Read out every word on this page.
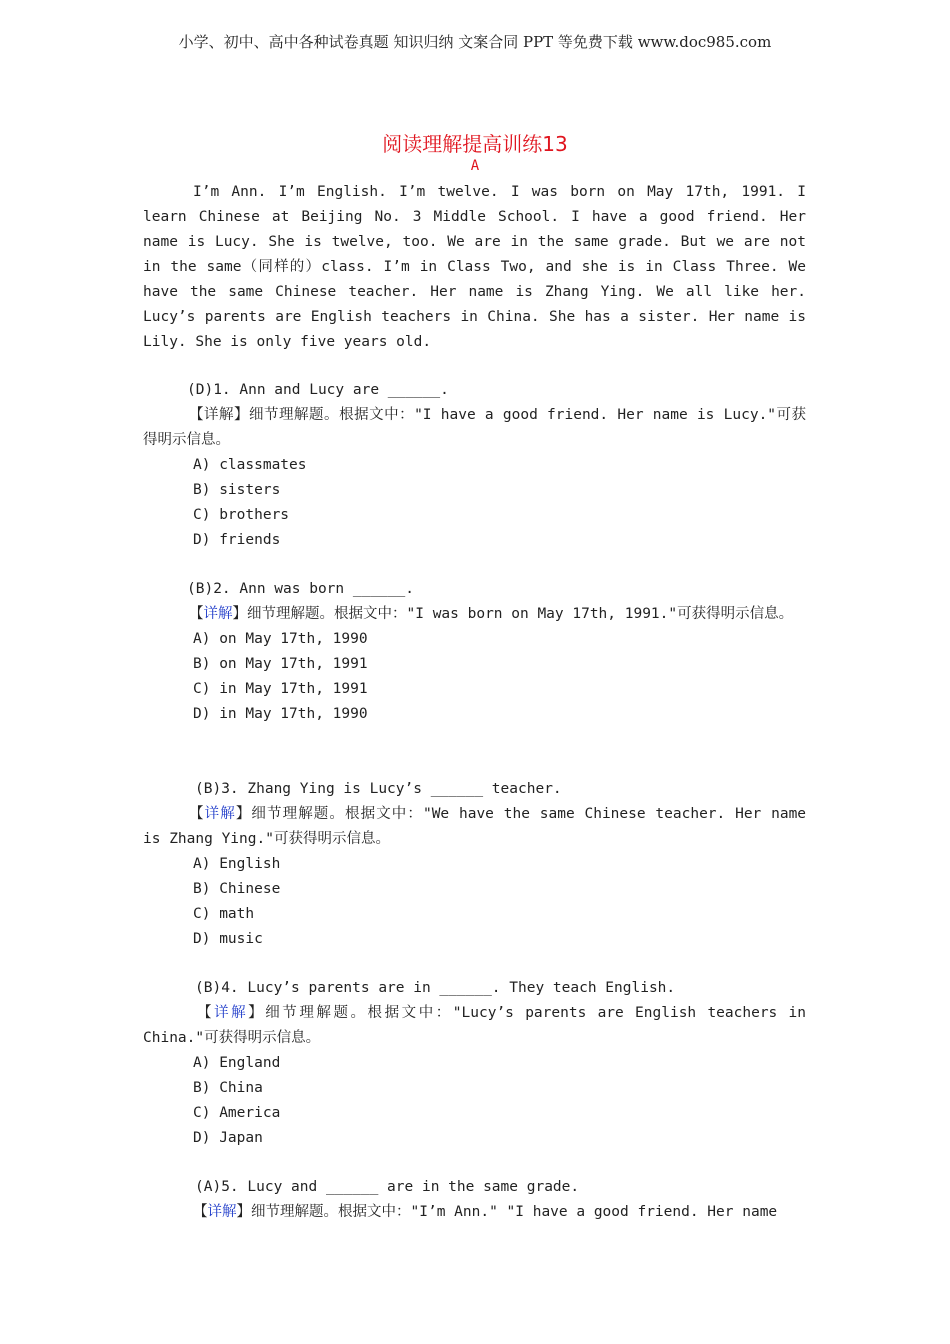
小学、初中、高中各种试卷真题 知识归纳 文案合同 PPT 等免费下载 www.doc985.com
阅读理解提高训练13
A

I’m Ann. I’m English. I’m twelve. I was born on May 17th, 1991. I learn Chinese at Beijing No. 3 Middle School. I have a good friend. Her name is Lucy. She is twelve, too. We are in the same grade. But we are not in the same（同样的）class. I’m in Class Two, and she is in Class Three. We have the same Chinese teacher. Her name is Zhang Ying. We all like her. Lucy’s parents are English teachers in China. She has a sister. Her name is Lily. She is only five years old.

(D)1. Ann and Lucy are ______.
【详解】细节理解题。根据文中："I have a good friend. Her name is Lucy."可获得明示信息。
A) classmates
B) sisters
C) brothers
D) friends
(B)2. Ann was born ______.
【详解】细节理解题。根据文中："I was born on May 17th, 1991."可获得明示信息。
A) on May 17th, 1990
B) on May 17th, 1991
C) in May 17th, 1991
D) in May 17th, 1990
(B)3. Zhang Ying is Lucy’s ______ teacher.
【详解】细节理解题。根据文中："We have the same Chinese teacher. Her name is Zhang Ying."可获得明示信息。
A) English
B) Chinese
C) math
D) music
(B)4. Lucy’s parents are in ______. They teach English.
【详解】细节理解题。根据文中："Lucy’s parents are English teachers in China."可获得明示信息。
A) England
B) China
C) America
D) Japan
(A)5. Lucy and ______ are in the same grade.
【详解】细节理解题。根据文中："I’m Ann." "I have a good friend. Her name
